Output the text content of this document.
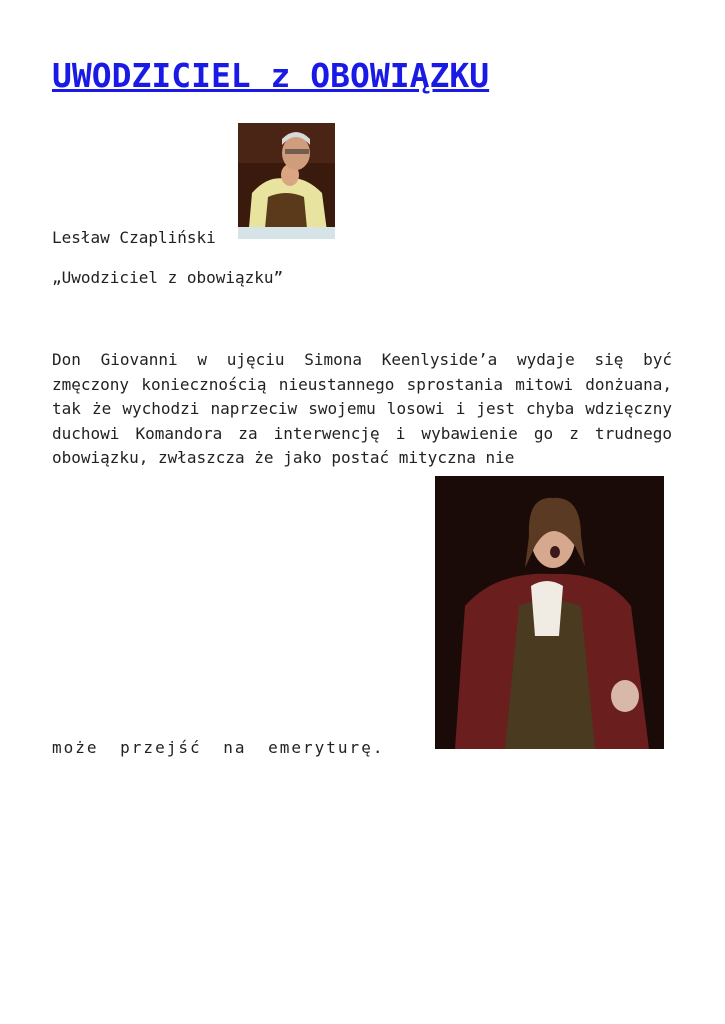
UWODZICIEL z OBOWIĄZKU
Lesław Czapliński
„Uwodziciel z obowiązku”

Don Giovanni w ujęciu Simona Keenlyside’a wydaje się być zmęczony koniecznością nieustannego sprostania mitowi donżuana, tak że wychodzi naprzeciw swojemu losowi i jest chyba wdzięczny duchowi Komandora za interwencję i wybawienie go z trudnego obowiązku, zwłaszcza że jako postać mityczna nie

może przejść na emeryturę.
